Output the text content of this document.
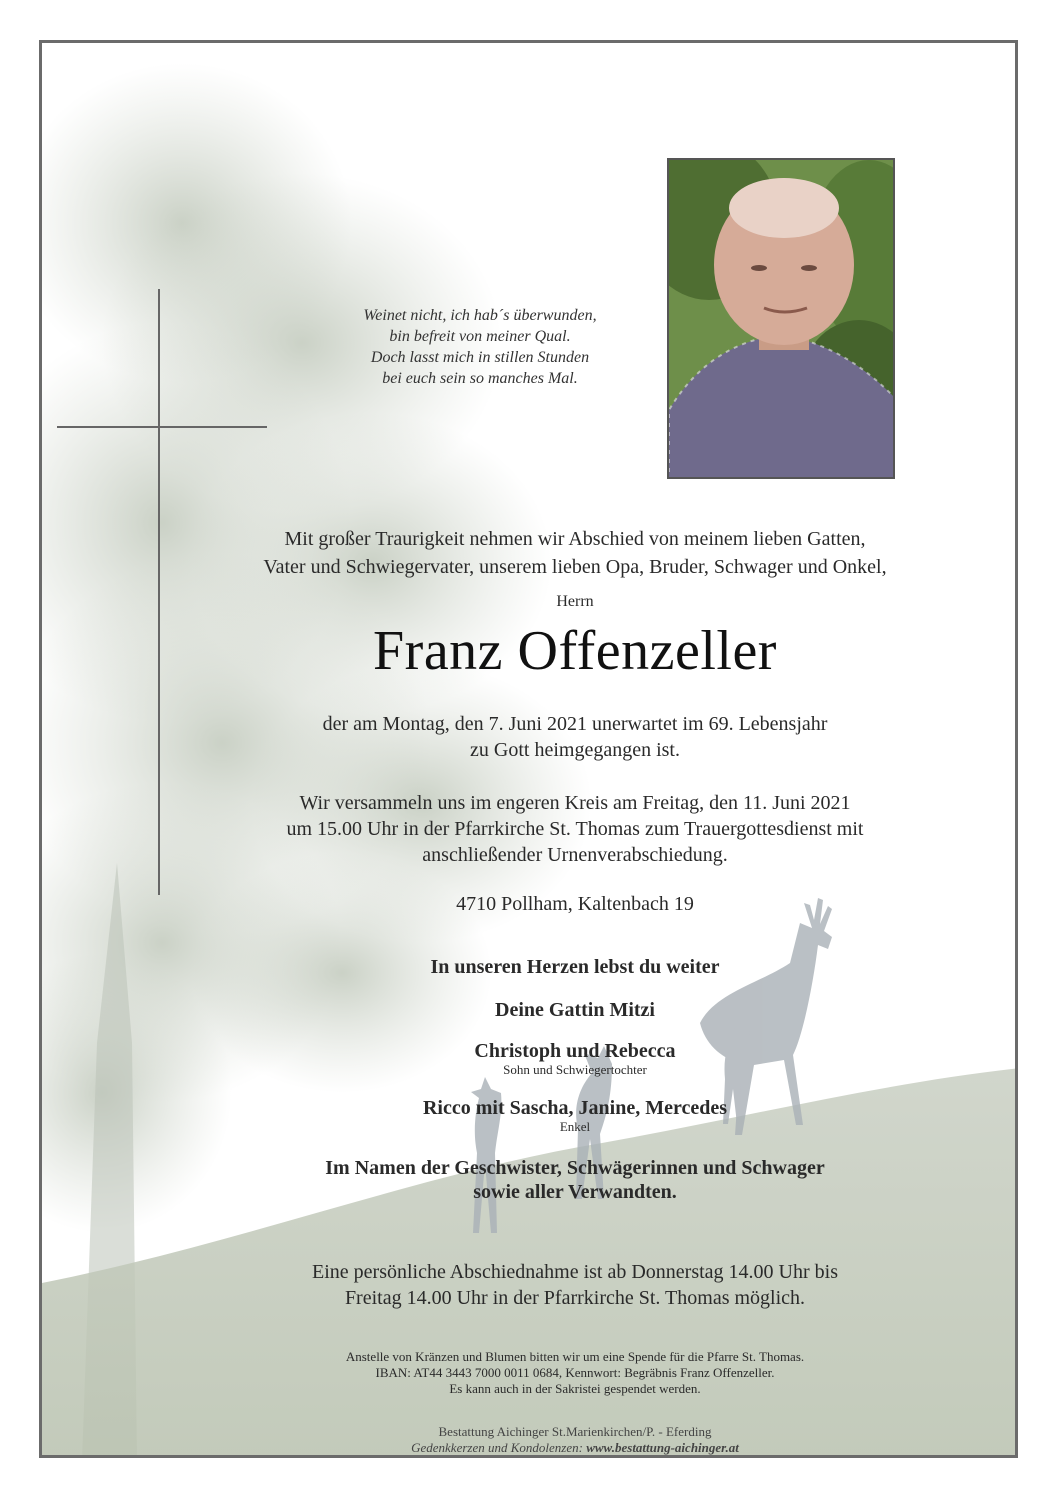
Weinet nicht, ich hab´s überwunden,
bin befreit von meiner Qual.
Doch lasst mich in stillen Stunden
bei euch sein so manches Mal.
Mit großer Traurigkeit nehmen wir Abschied von meinem lieben Gatten,
Vater und Schwiegervater, unserem lieben Opa, Bruder, Schwager und Onkel,
Herrn
Franz Offenzeller
der am Montag, den 7. Juni 2021 unerwartet im 69. Lebensjahr
zu Gott heimgegangen ist.
Wir versammeln uns im engeren Kreis am Freitag, den 11. Juni 2021
um 15.00 Uhr in der Pfarrkirche St. Thomas zum Trauergottesdienst mit
anschließender Urnenverabschiedung.
4710 Pollham, Kaltenbach 19
In unseren Herzen lebst du weiter
Deine Gattin Mitzi
Christoph und Rebecca
Sohn und Schwiegertochter
Ricco mit Sascha, Janine, Mercedes
Enkel
Im Namen der Geschwister, Schwägerinnen und Schwager
sowie aller Verwandten.
Eine persönliche Abschiednahme ist ab Donnerstag 14.00 Uhr bis
Freitag 14.00 Uhr in der Pfarrkirche St. Thomas möglich.
Anstelle von Kränzen und Blumen bitten wir um eine Spende für die Pfarre St. Thomas.
IBAN: AT44 3443 7000 0011 0684, Kennwort: Begräbnis Franz Offenzeller.
Es kann auch in der Sakristei gespendet werden.
Bestattung Aichinger St.Marienkirchen/P. - Eferding
Gedenkkerzen und Kondolenzen: www.bestattung-aichinger.at
